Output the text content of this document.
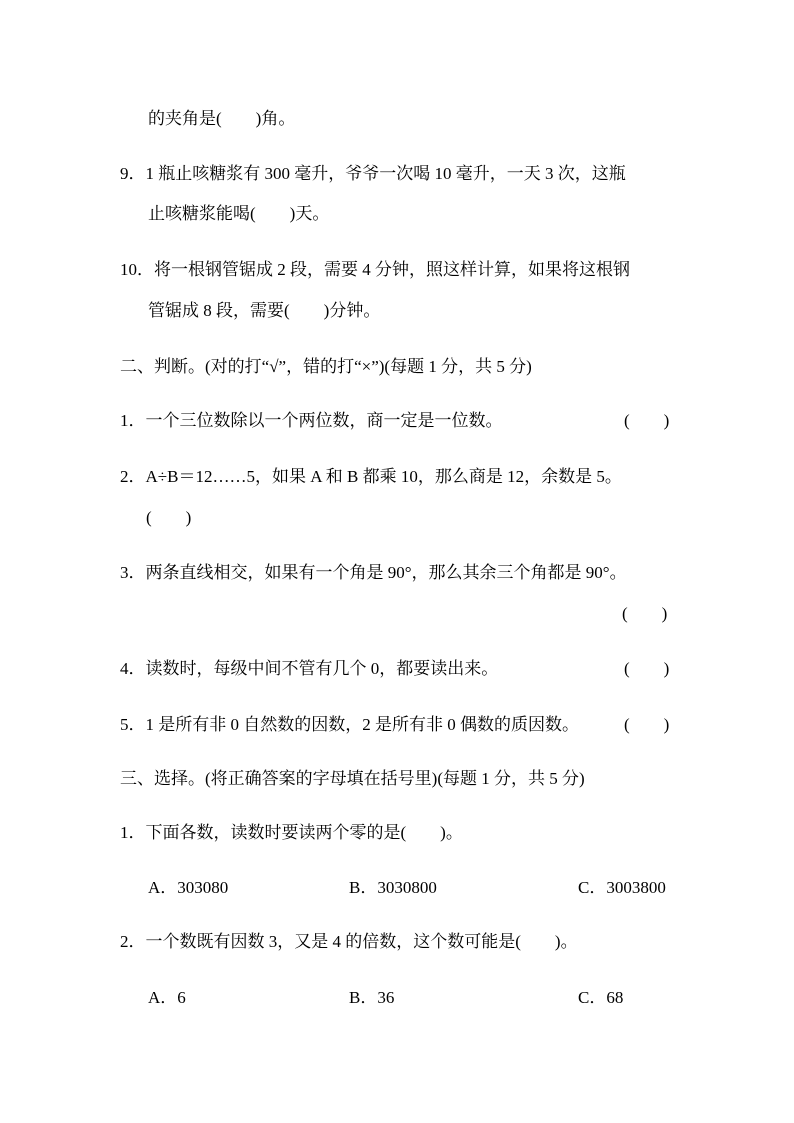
的夹角是(　　)角。
9．1 瓶止咳糖浆有 300 毫升，爷爷一次喝 10 毫升，一天 3 次，这瓶
止咳糖浆能喝(　　)天。
10．将一根钢管锯成 2 段，需要 4 分钟，照这样计算，如果将这根钢
管锯成 8 段，需要(　　)分钟。
二、判断。(对的打“√”，错的打“×”)(每题 1 分，共 5 分)
1．一个三位数除以一个两位数，商一定是一位数。	(　　)
2．A÷B＝12……5，如果 A 和 B 都乘 10，那么商是 12，余数是 5。
(　　)
3．两条直线相交，如果有一个角是 90°，那么其余三个角都是 90°。
(　　)
4．读数时，每级中间不管有几个 0，都要读出来。	(　　)
5．1 是所有非 0 自然数的因数，2 是所有非 0 偶数的质因数。	(　　)
三、选择。(将正确答案的字母填在括号里)(每题 1 分，共 5 分)
1．下面各数，读数时要读两个零的是(　　)。
A．303080	B．3030800	C．3003800
2．一个数既有因数 3，又是 4 的倍数，这个数可能是(　　)。
A．6	B．36	C．68
